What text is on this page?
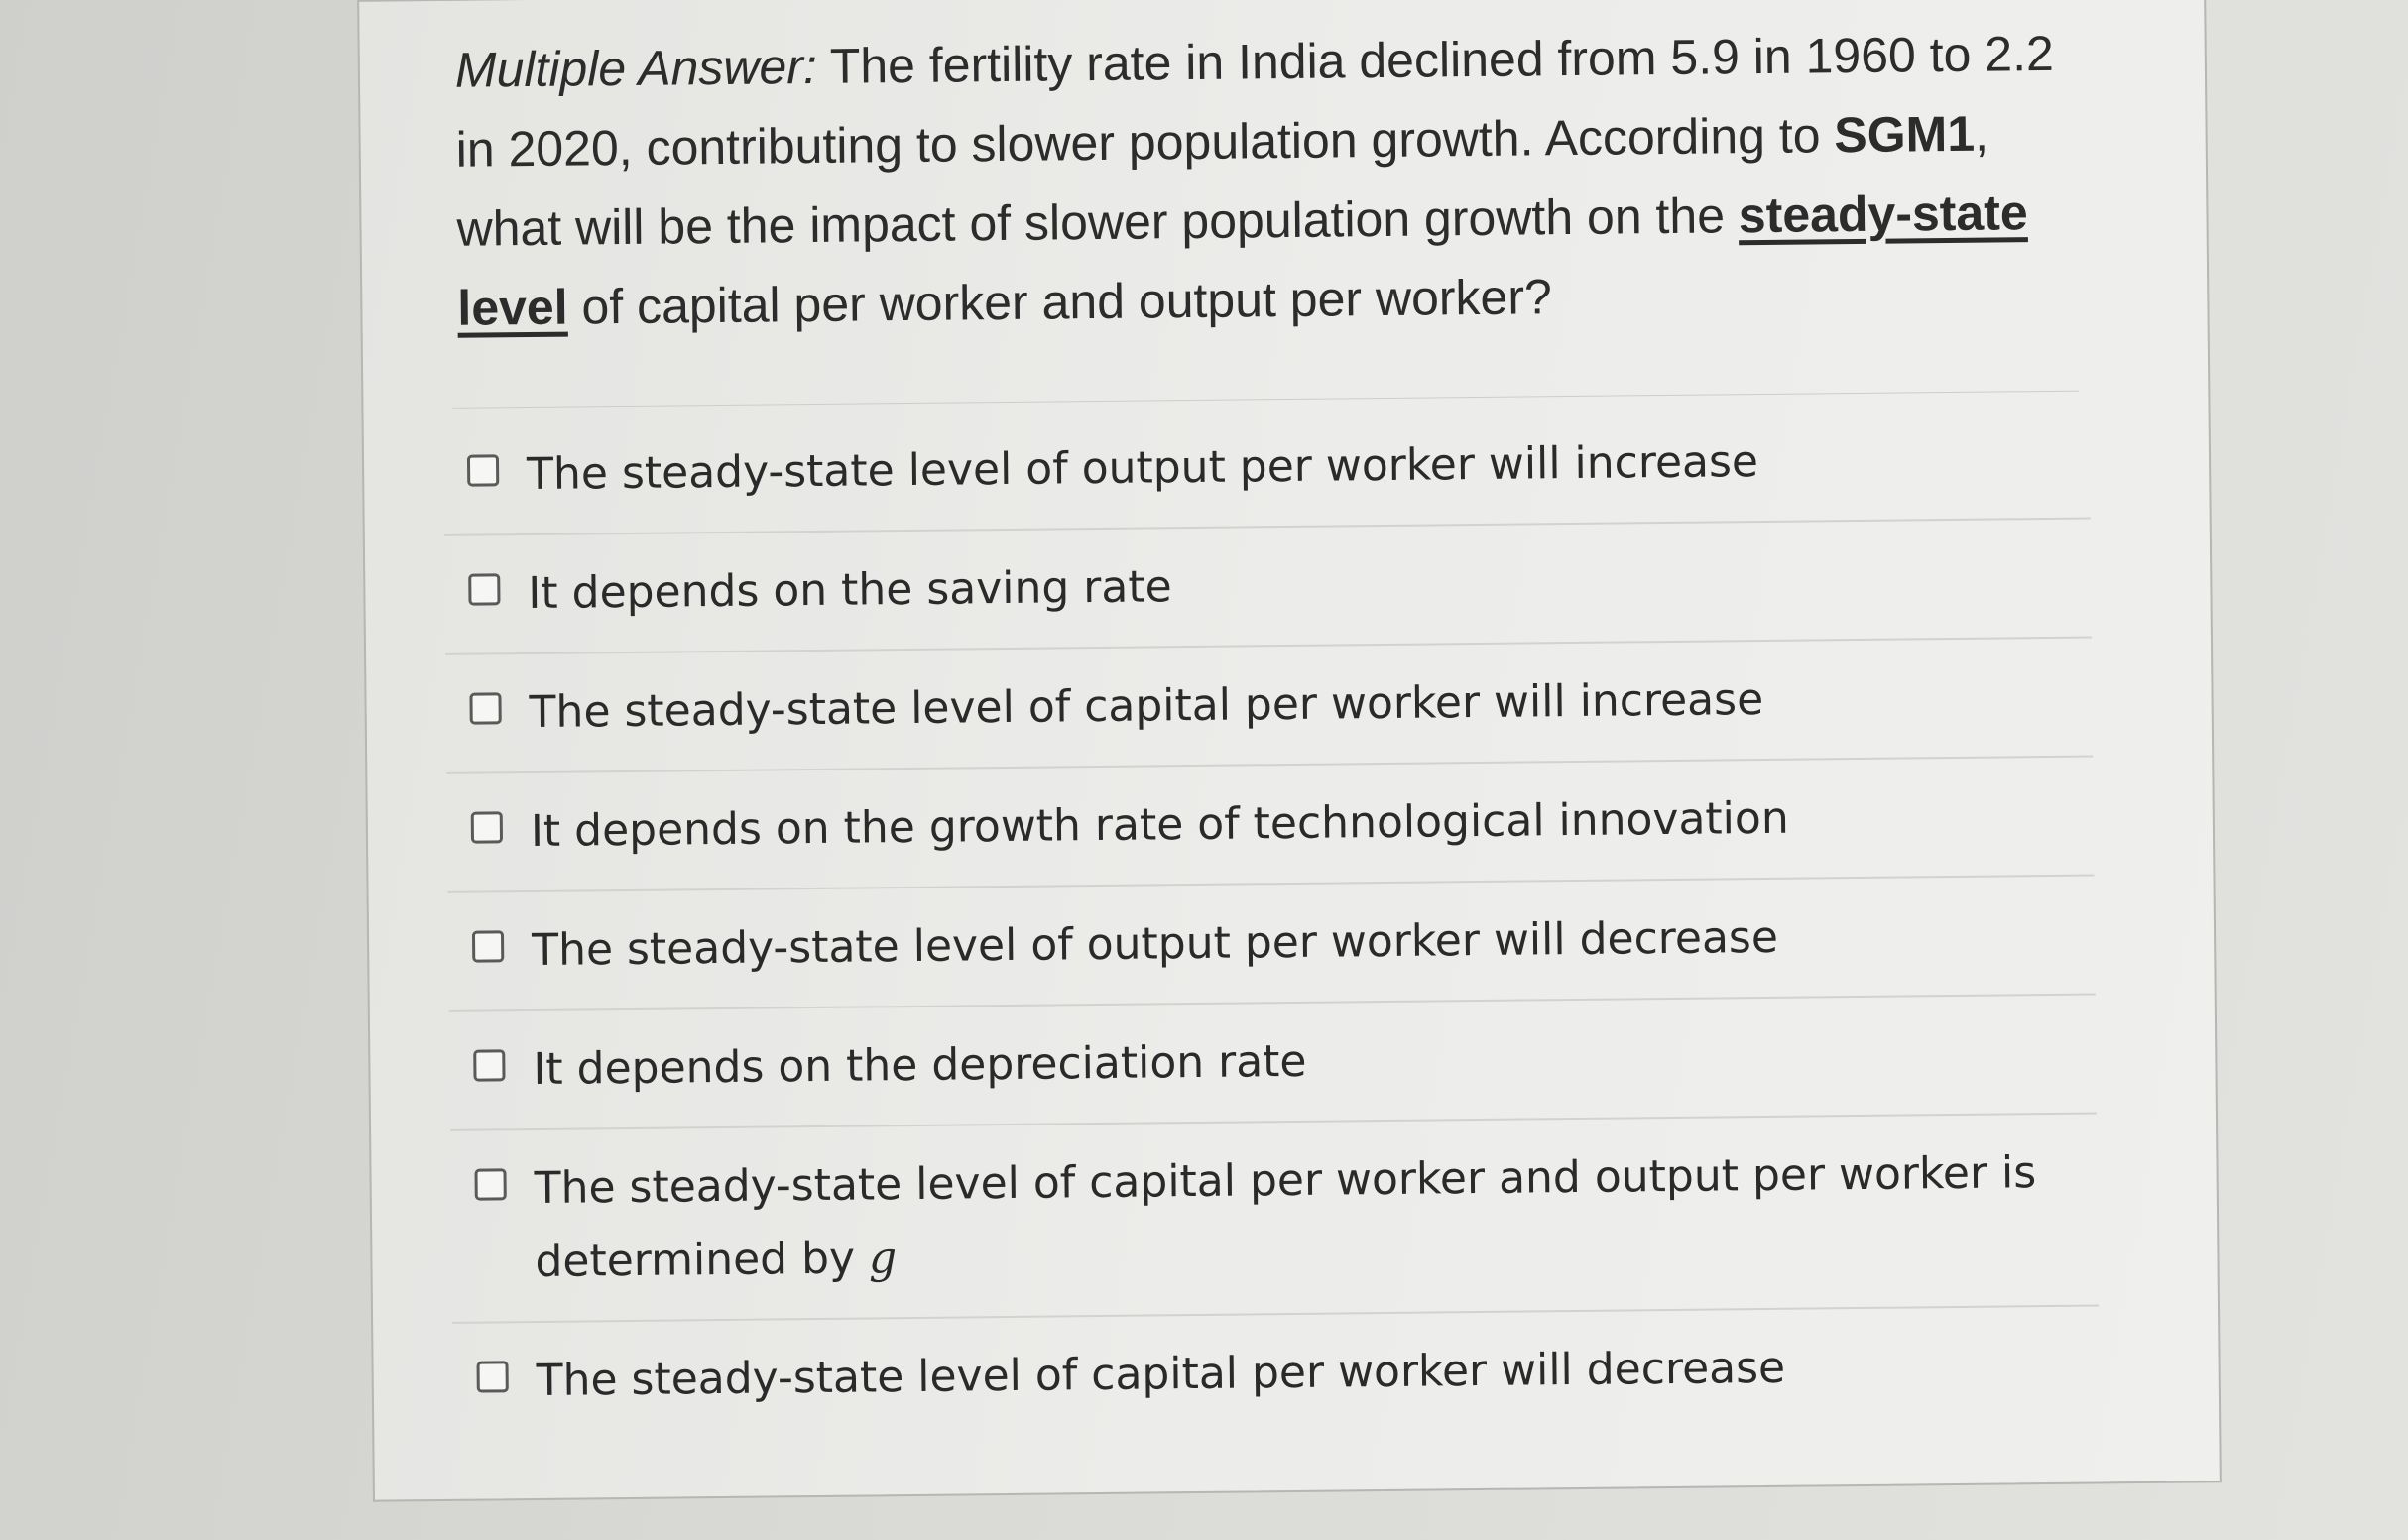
Multiple Answer: The fertility rate in India declined from 5.9 in 1960 to 2.2 in 2020, contributing to slower population growth. According to SGM1, what will be the impact of slower population growth on the steady-state level of capital per worker and output per worker?

The steady-state level of output per worker will increase
It depends on the saving rate
The steady-state level of capital per worker will increase
It depends on the growth rate of technological innovation
The steady-state level of output per worker will decrease
It depends on the depreciation rate
The steady-state level of capital per worker and output per worker is determined by g
The steady-state level of capital per worker will decrease
